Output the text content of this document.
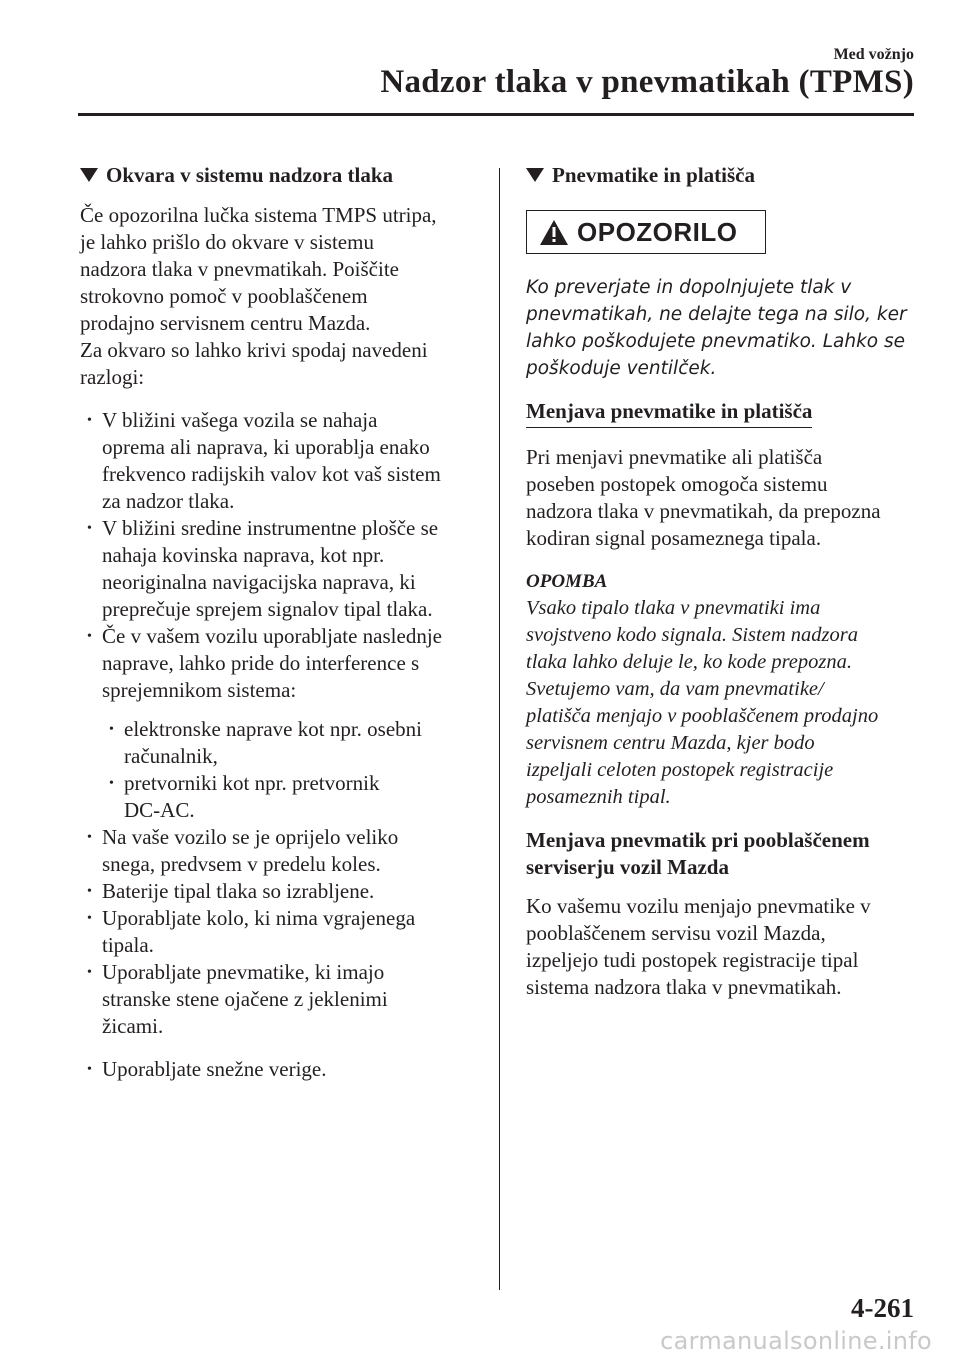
Med vožnjo
Nadzor tlaka v pnevmatikah (TPMS)
Okvara v sistemu nadzora tlaka
Če opozorilna lučka sistema TMPS utripa,
je lahko prišlo do okvare v sistemu
nadzora tlaka v pnevmatikah. Poiščite
strokovno pomoč v pooblaščenem
prodajno servisnem centru Mazda.
Za okvaro so lahko krivi spodaj navedeni
razlogi:
• V bližini vašega vozila se nahaja
oprema ali naprava, ki uporablja enako
frekvenco radijskih valov kot vaš sistem
za nadzor tlaka.
• V bližini sredine instrumentne plošče se
nahaja kovinska naprava, kot npr.
neoriginalna navigacijska naprava, ki
preprečuje sprejem signalov tipal tlaka.
• Če v vašem vozilu uporabljate naslednje
naprave, lahko pride do interference s
sprejemnikom sistema:
• elektronske naprave kot npr. osebni
računalnik,
• pretvorniki kot npr. pretvornik
DC-AC.
• Na vaše vozilo se je oprijelo veliko
snega, predvsem v predelu koles.
• Baterije tipal tlaka so izrabljene.
• Uporabljate kolo, ki nima vgrajenega
tipala.
• Uporabljate pnevmatike, ki imajo
stranske stene ojačene z jeklenimi
žicami.
• Uporabljate snežne verige.
Pnevmatike in platišča
OPOZORILO
Ko preverjate in dopolnjujete tlak v
pnevmatikah, ne delajte tega na silo, ker
lahko poškodujete pnevmatiko. Lahko se
poškoduje ventilček.
Menjava pnevmatike in platišča
Pri menjavi pnevmatike ali platišča
poseben postopek omogoča sistemu
nadzora tlaka v pnevmatikah, da prepozna
kodiran signal posameznega tipala.
OPOMBA
Vsako tipalo tlaka v pnevmatiki ima
svojstveno kodo signala. Sistem nadzora
tlaka lahko deluje le, ko kode prepozna.
Svetujemo vam, da vam pnevmatike/
platišča menjajo v pooblaščenem prodajno
servisnem centru Mazda, kjer bodo
izpeljali celoten postopek registracije
posameznih tipal.
Menjava pnevmatik pri pooblaščenem
serviserju vozil Mazda
Ko vašemu vozilu menjajo pnevmatike v
pooblaščenem servisu vozil Mazda,
izpeljejo tudi postopek registracije tipal
sistema nadzora tlaka v pnevmatikah.
4-261
carmanualsonline.info
